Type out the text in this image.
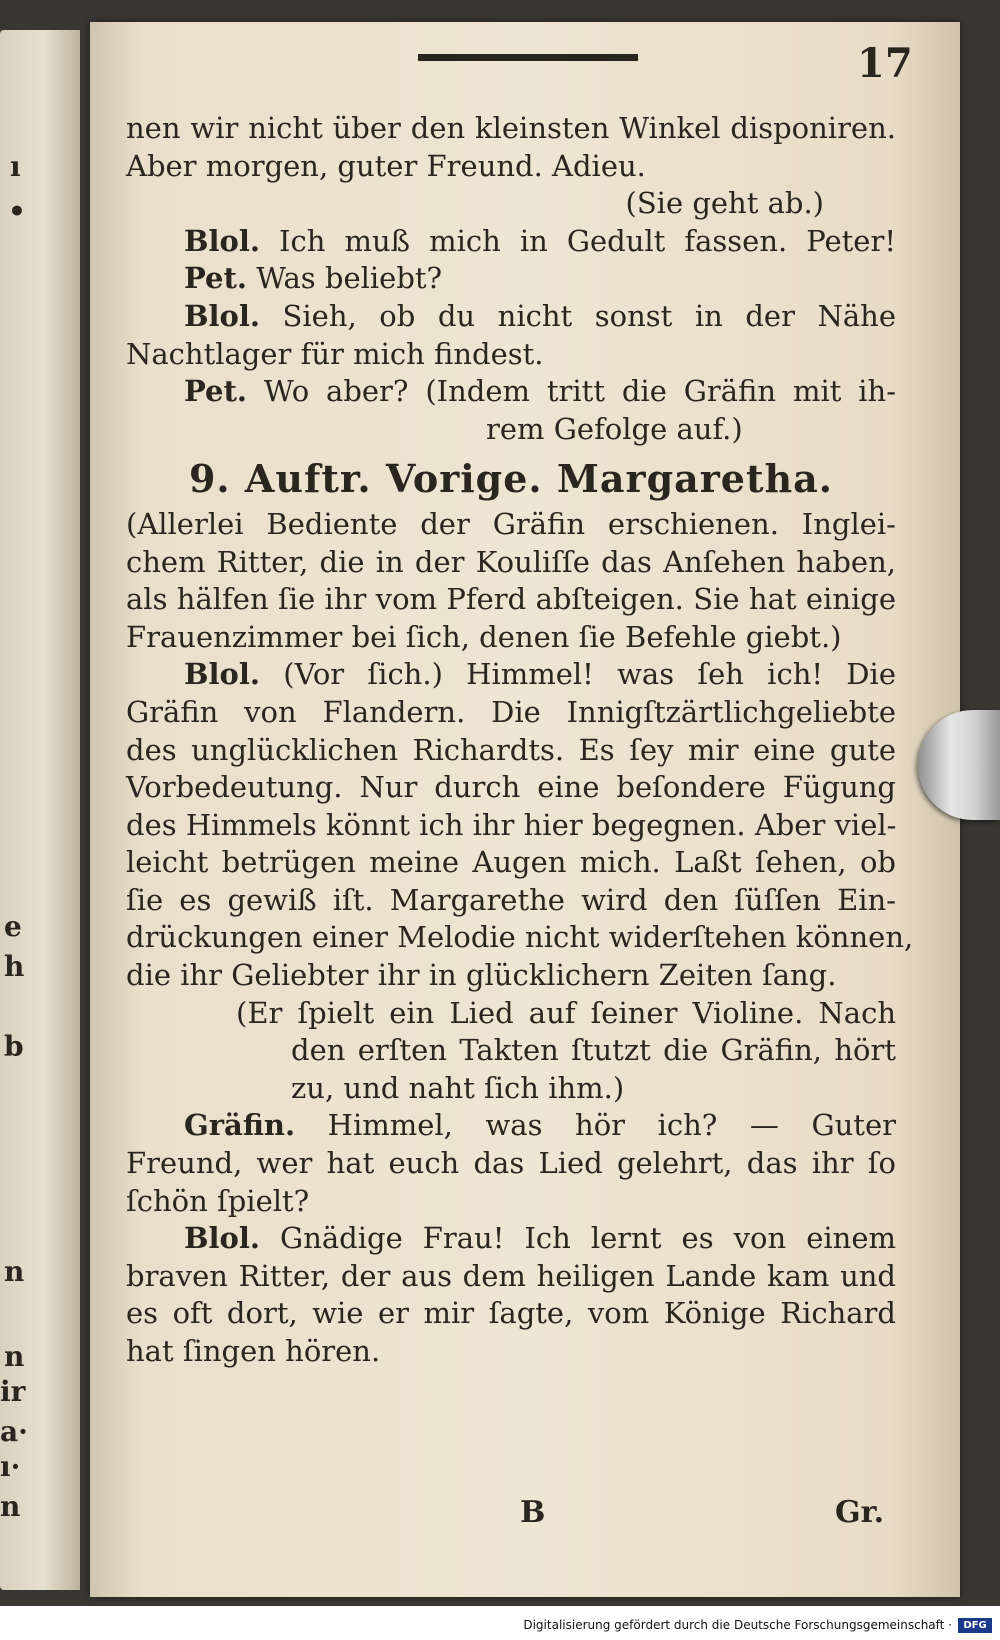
ı
•
e
h
b
n
n
ir
a·
ı·
n
17

nen wir nicht über den kleinsten Winkel disponiren.

Aber morgen, guter Freund. Adieu.

(Sie geht ab.)

Blol. Ich muß mich in Gedult fassen. Peter!

Pet. Was beliebt?

Blol. Sieh, ob du nicht sonst in der Nähe

Nachtlager für mich findest.

Pet. Wo aber? (Indem tritt die Gräfin mit ih-

rem Gefolge auf.)

9. Auftr. Vorige. Margaretha.

(Allerlei Bediente der Gräfin erschienen. Inglei-

chem Ritter, die in der Kouliſſe das Anſehen haben,

als hälfen ſie ihr vom Pferd abſteigen. Sie hat einige

Frauenzimmer bei ſich, denen ſie Befehle giebt.)

Blol. (Vor ſich.) Himmel! was ſeh ich! Die

Gräfin von Flandern. Die Innigſtzärtlichgeliebte

des unglücklichen Richardts. Es ſey mir eine gute

Vorbedeutung. Nur durch eine beſondere Fügung

des Himmels könnt ich ihr hier begegnen. Aber viel-

leicht betrügen meine Augen mich. Laßt ſehen, ob

ſie es gewiß iſt. Margarethe wird den ſüſſen Ein-

drückungen einer Melodie nicht widerſtehen können,

die ihr Geliebter ihr in glücklichern Zeiten ſang.

(Er ſpielt ein Lied auf ſeiner Violine. Nach

den erſten Takten ſtutzt die Gräfin, hört

zu, und naht ſich ihm.)

Gräfin. Himmel, was hör ich? — Guter

Freund, wer hat euch das Lied gelehrt, das ihr ſo

ſchön ſpielt?

Blol. Gnädige Frau! Ich lernt es von einem

braven Ritter, der aus dem heiligen Lande kam und

es oft dort, wie er mir ſagte, vom Könige Richard

hat ſingen hören.

B	Gr.
Digitalisierung gefördert durch die Deutsche Forschungsgemeinschaft ·	DFG
